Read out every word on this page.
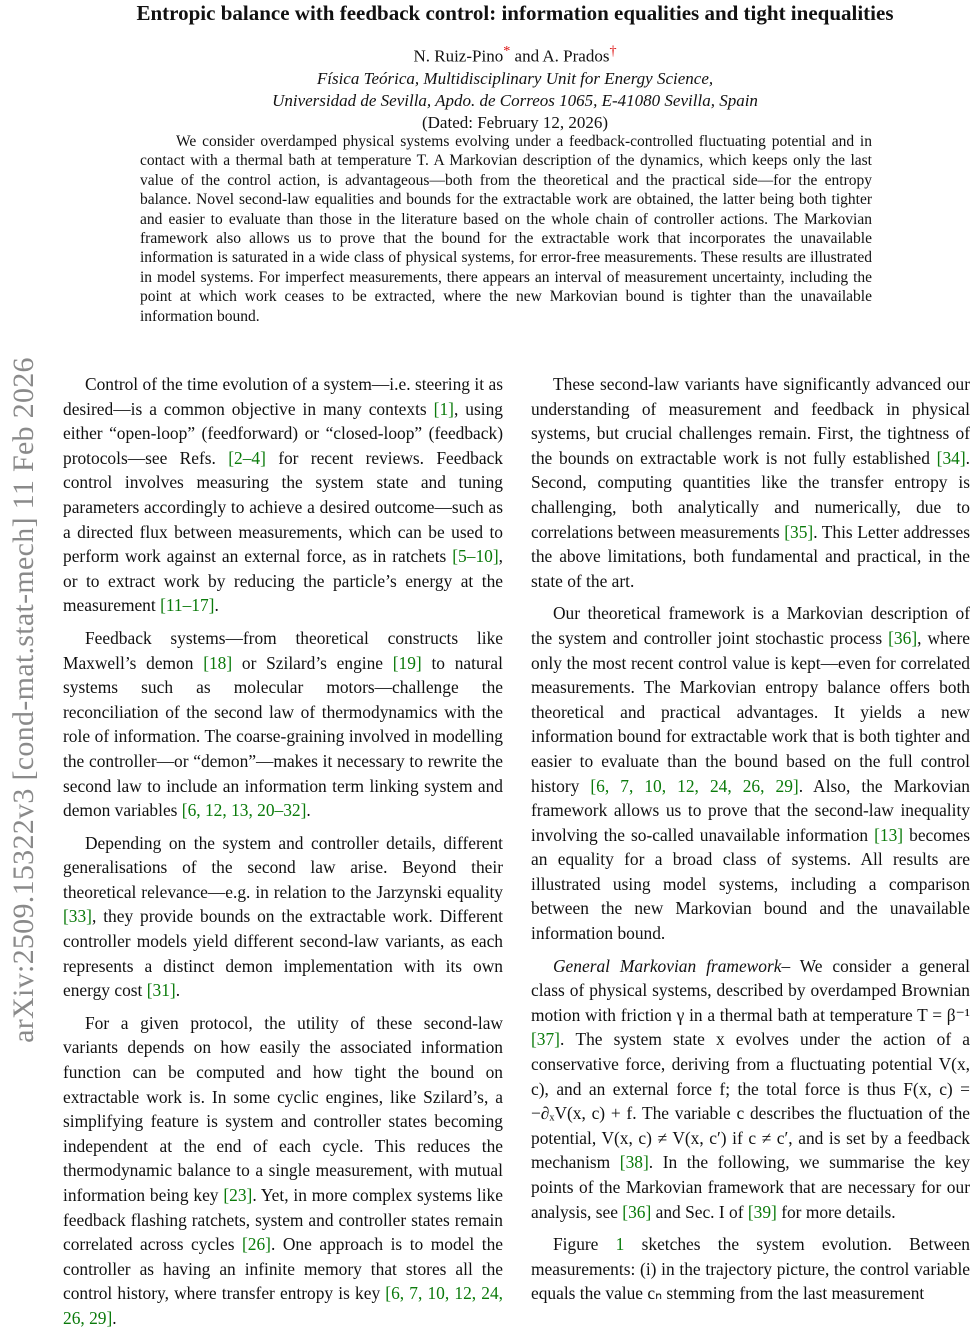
arXiv:2509.15322v3 [cond-mat.stat-mech] 11 Feb 2026
Entropic balance with feedback control: information equalities and tight inequalities
N. Ruiz-Pino* and A. Prados†
Física Teórica, Multidisciplinary Unit for Energy Science,
Universidad de Sevilla, Apdo. de Correos 1065, E-41080 Sevilla, Spain
(Dated: February 12, 2026)
We consider overdamped physical systems evolving under a feedback-controlled fluctuating potential and in contact with a thermal bath at temperature T. A Markovian description of the dynamics, which keeps only the last value of the control action, is advantageous—both from the theoretical and the practical side—for the entropy balance. Novel second-law equalities and bounds for the extractable work are obtained, the latter being both tighter and easier to evaluate than those in the literature based on the whole chain of controller actions. The Markovian framework also allows us to prove that the bound for the extractable work that incorporates the unavailable information is saturated in a wide class of physical systems, for error-free measurements. These results are illustrated in model systems. For imperfect measurements, there appears an interval of measurement uncertainty, including the point at which work ceases to be extracted, where the new Markovian bound is tighter than the unavailable information bound.

Control of the time evolution of a system—i.e. steering it as desired—is a common objective in many contexts [1], using either “open-loop” (feedforward) or “closed-loop” (feedback) protocols—see Refs. [2–4] for recent reviews. Feedback control involves measuring the system state and tuning parameters accordingly to achieve a desired outcome—such as a directed flux between measurements, which can be used to perform work against an external force, as in ratchets [5–10], or to extract work by reducing the particle’s energy at the measurement [11–17].

Feedback systems—from theoretical constructs like Maxwell’s demon [18] or Szilard’s engine [19] to natural systems such as molecular motors—challenge the reconciliation of the second law of thermodynamics with the role of information. The coarse-graining involved in modelling the controller—or “demon”—makes it necessary to rewrite the second law to include an information term linking system and demon variables [6, 12, 13, 20–32].

Depending on the system and controller details, different generalisations of the second law arise. Beyond their theoretical relevance—e.g. in relation to the Jarzynski equality [33], they provide bounds on the extractable work. Different controller models yield different second-law variants, as each represents a distinct demon implementation with its own energy cost [31].

For a given protocol, the utility of these second-law variants depends on how easily the associated information function can be computed and how tight the bound on extractable work is. In some cyclic engines, like Szilard’s, a simplifying feature is system and controller states becoming independent at the end of each cycle. This reduces the thermodynamic balance to a single measurement, with mutual information being key [23]. Yet, in more complex systems like feedback flashing ratchets, system and controller states remain correlated across cycles [26]. One approach is to model the controller as having an infinite memory that stores all the control history, where transfer entropy is key [6, 7, 10, 12, 24, 26, 29].

These second-law variants have significantly advanced our understanding of measurement and feedback in physical systems, but crucial challenges remain. First, the tightness of the bounds on extractable work is not fully established [34]. Second, computing quantities like the transfer entropy is challenging, both analytically and numerically, due to correlations between measurements [35]. This Letter addresses the above limitations, both fundamental and practical, in the state of the art.

Our theoretical framework is a Markovian description of the system and controller joint stochastic process [36], where only the most recent control value is kept—even for correlated measurements. The Markovian entropy balance offers both theoretical and practical advantages. It yields a new information bound for extractable work that is both tighter and easier to evaluate than the bound based on the full control history [6, 7, 10, 12, 24, 26, 29]. Also, the Markovian framework allows us to prove that the second-law inequality involving the so-called unavailable information [13] becomes an equality for a broad class of systems. All results are illustrated using model systems, including a comparison between the new Markovian bound and the unavailable information bound.

General Markovian framework– We consider a general class of physical systems, described by overdamped Brownian motion with friction γ in a thermal bath at temperature T = β⁻¹ [37]. The system state x evolves under the action of a conservative force, deriving from a fluctuating potential V(x, c), and an external force f; the total force is thus F(x, c) = −∂ₓV(x, c) + f. The variable c describes the fluctuation of the potential, V(x, c) ≠ V(x, c′) if c ≠ c′, and is set by a feedback mechanism [38]. In the following, we summarise the key points of the Markovian framework that are necessary for our analysis, see [36] and Sec. I of [39] for more details.

Figure 1 sketches the system evolution. Between measurements: (i) in the trajectory picture, the control variable equals the value cₙ stemming from the last measurement
